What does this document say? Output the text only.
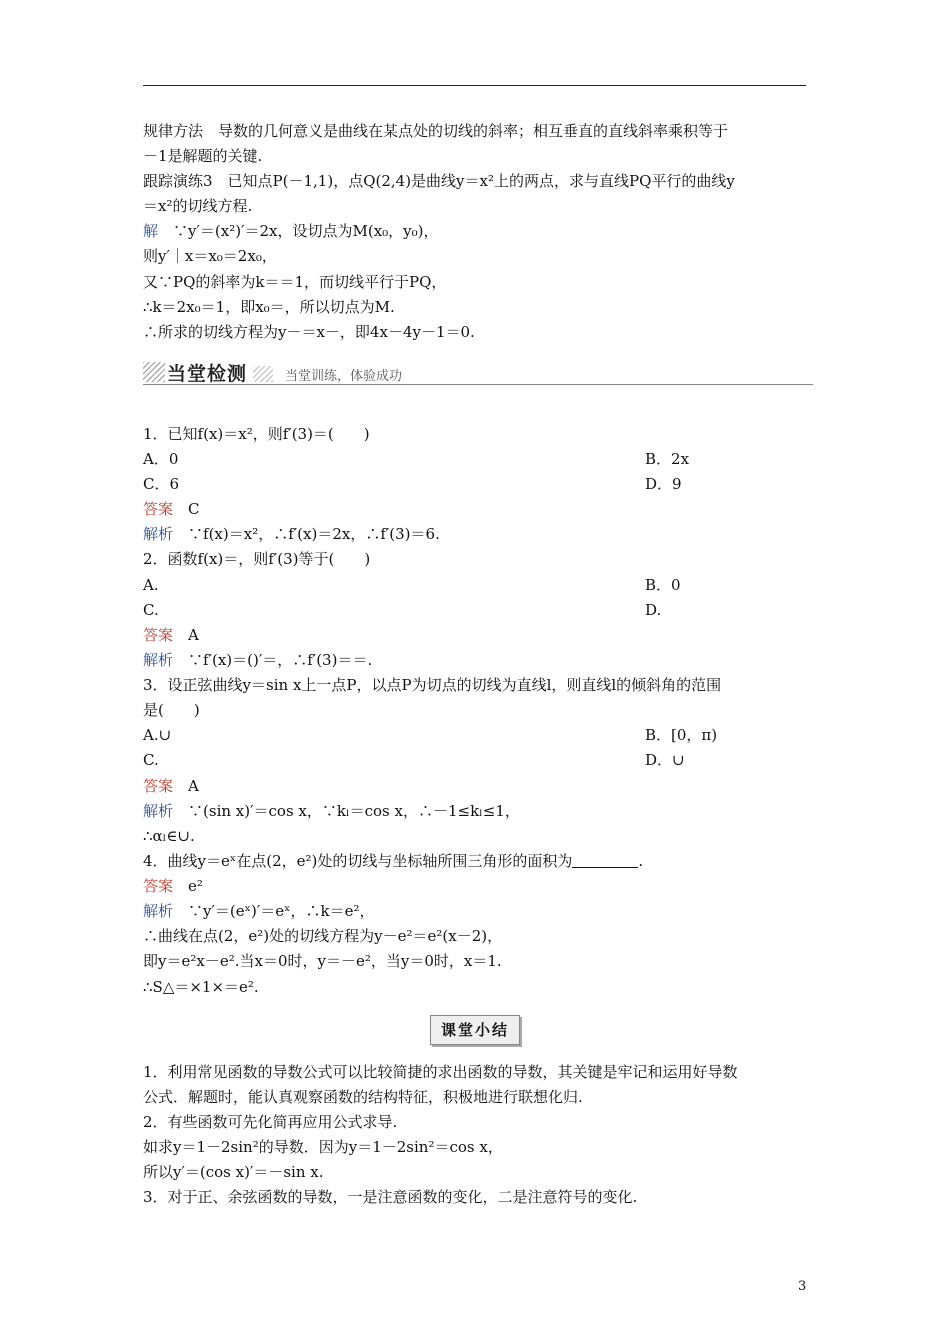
规律方法　导数的几何意义是曲线在某点处的切线的斜率；相互垂直的直线斜率乘积等于
－1是解题的关键.
跟踪演练3　已知点P(－1,1)，点Q(2,4)是曲线y＝x²上的两点，求与直线PQ平行的曲线y
＝x²的切线方程.
解　∵y′＝(x²)′＝2x，设切点为M(x₀，y₀)，
则y′｜x＝x₀＝2x₀，
又∵PQ的斜率为k＝＝1，而切线平行于PQ，
∴k＝2x₀＝1，即x₀＝，所以切点为M.
∴所求的切线方程为y－＝x－，即4x－4y－1＝0.
当堂检测	当堂训练，体验成功
1．已知f(x)＝x²，则f′(3)＝(　　)
A．0	B．2x
C．6	D．9
答案　C
解析　∵f(x)＝x²，∴f′(x)＝2x，∴f′(3)＝6.
2．函数f(x)＝，则f′(3)等于(　　)
A.	B．0
C.	D.
答案　A
解析　∵f′(x)＝()′＝，∴f′(3)＝＝.
3．设正弦曲线y＝sin x上一点P，以点P为切点的切线为直线l，则直线l的倾斜角的范围
是(　　)
A.∪	B．[0，π)
C.	D．∪
答案　A
解析　∵(sin x)′＝cos x，∵kₗ＝cos x，∴－1≤kₗ≤1，
∴αₗ∈∪.
4．曲线y＝eˣ在点(2，e²)处的切线与坐标轴所围三角形的面积为	.
答案　e²
解析　∵y′＝(eˣ)′＝eˣ，∴k＝e²，
∴曲线在点(2，e²)处的切线方程为y－e²＝e²(x－2)，
即y＝e²x－e².当x＝0时，y＝－e²，当y＝0时，x＝1.
∴S△＝×1×＝e².
课堂小结
1．利用常见函数的导数公式可以比较简捷的求出函数的导数，其关键是牢记和运用好导数
公式．解题时，能认真观察函数的结构特征，积极地进行联想化归.
2．有些函数可先化简再应用公式求导.
如求y＝1－2sin²的导数．因为y＝1－2sin²＝cos x，
所以y′＝(cos x)′＝－sin x.
3．对于正、余弦函数的导数，一是注意函数的变化，二是注意符号的变化.
3
